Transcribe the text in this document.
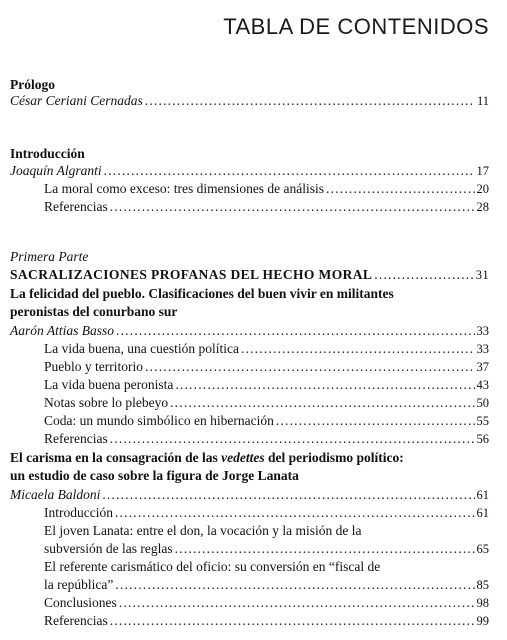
TABLA DE CONTENIDOS
Prólogo
César Ceriani Cernadas .....	11
Introducción
Joaquín Algranti .....	17
La moral como exceso: tres dimensiones de análisis .....	20
Referencias .....	28
Primera Parte
SACRALIZACIONES PROFANAS DEL HECHO MORAL .....	31
La felicidad del pueblo. Clasificaciones del buen vivir en militantes
peronistas del conurbano sur
Aarón Attias Basso .....	33
La vida buena, una cuestión política .....	33
Pueblo y territorio .....	37
La vida buena peronista .....	43
Notas sobre lo plebeyo .....	50
Coda: un mundo simbólico en hibernación .....	55
Referencias .....	56
El carisma en la consagración de las vedettes del periodismo político:
un estudio de caso sobre la figura de Jorge Lanata
Micaela Baldoni .....	61
Introducción .....	61
El joven Lanata: entre el don, la vocación y la misión de la
subversión de las reglas .....	65
El referente carismático del oficio: su conversión en “fiscal de
la república” .....	85
Conclusiones .....	98
Referencias .....	99
